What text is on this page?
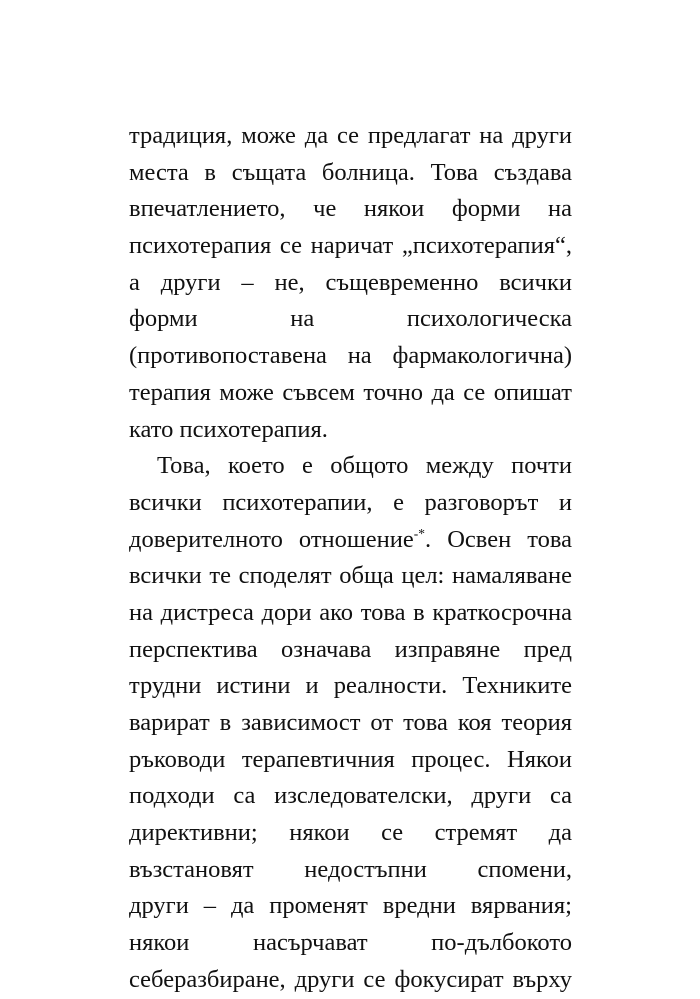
традиция, може да се предлагат на други
места в същата болница. Това създава
впечатлението, че някои форми на
психотерапия се наричат „психотерапия“,
а други – не, същевременно всички
форми на психологическа
(противопоставена на фармакологична)
терапия може съвсем точно да се опишат
като психотерапия.

Това, което е общото между почти
всички психотерапии, е разговорът и
доверителното отношение-*. Освен това
всички те споделят обща цел: намаляване
на дистреса дори ако това в краткосрочна
перспектива означава изправяне пред
трудни истини и реалности. Техниките
варират в зависимост от това коя теория
ръководи терапевтичния процес. Някои
подходи са изследователски, други са
директивни; някои се стремят да
възстановят недостъпни спомени,
други – да променят вредни вярвания;
някои насърчават по-дълбокото
себеразбиране, други се фокусират върху
